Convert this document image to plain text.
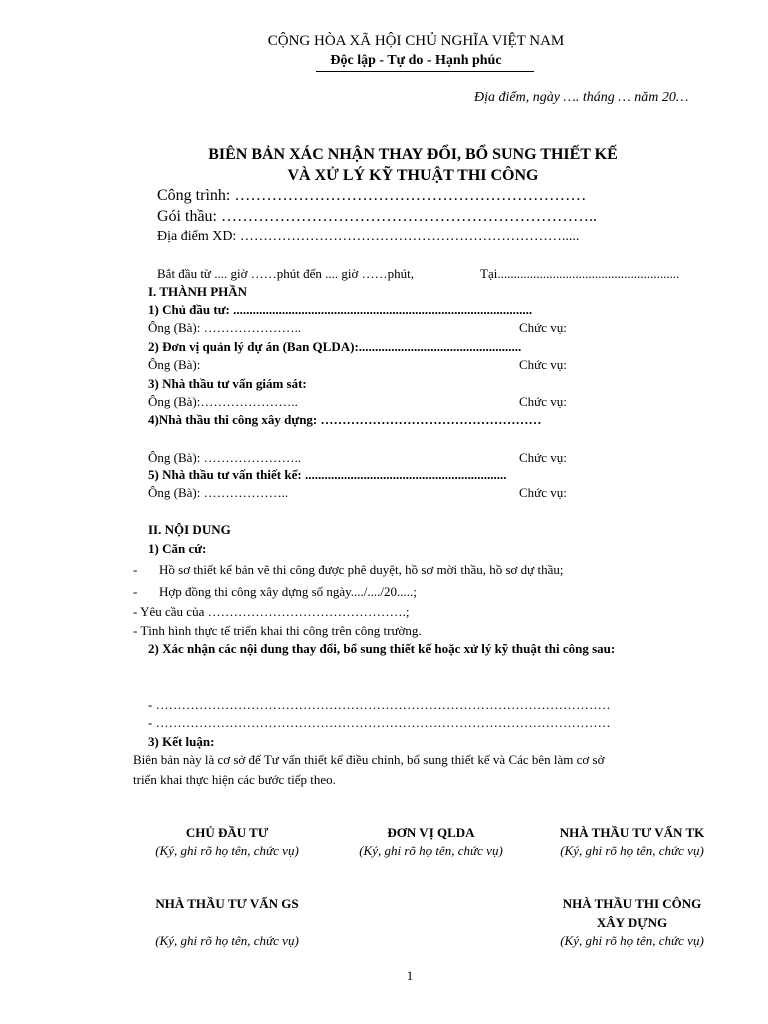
CỘNG HÒA XÃ HỘI CHỦ NGHĨA VIỆT NAM
Độc lập - Tự do - Hạnh phúc
Địa điểm, ngày …. tháng … năm 20…
BIÊN BẢN XÁC NHẬN THAY ĐỔI, BỔ SUNG THIẾT KẾ
VÀ XỬ LÝ KỸ THUẬT THI CÔNG
Công trình: …………………………………………………………
Gói thầu: ……………………………………………………………..
Địa điểm XD: …………………………………………………………….....
Bắt đầu từ .... giờ ……phút đến .... giờ ……phút,	Tại........................................................
I. THÀNH PHẦN
1) Chủ đầu tư: ............................................................................................
Ông (Bà): …………………..	Chức vụ:
2) Đơn vị quản lý dự án (Ban QLDA):..................................................
Ông (Bà):	Chức vụ:
3) Nhà thầu tư vấn giám sát:
Ông (Bà):…………………..	Chức vụ:
4)Nhà thầu thi công xây dựng: ……………………………………………
Ông (Bà): …………………..	Chức vụ:
5) Nhà thầu tư vấn thiết kế: ..............................................................
Ông (Bà): ………………..	Chức vụ:
II. NỘI DUNG
1) Căn cứ:
- Hồ sơ thiết kế bản vẽ thi công được phê duyệt, hồ sơ mời thầu, hồ sơ dự thầu;
- Hợp đồng thi công xây dựng số ngày..../..../20.....;
- Yêu cầu của ……………………………………….;
- Tình hình thực tế triển khai thi công trên công trường.
2) Xác nhận các nội dung thay đổi, bổ sung thiết kế hoặc xử lý kỹ thuật thi công sau:
- ……………………………………………………………………………………………
- ……………………………………………………………………………………………
3) Kết luận:
Biên bản này là cơ sở để Tư vấn thiết kế điều chỉnh, bổ sung thiết kế và Các bên làm cơ sở
triển khai thực hiện các bước tiếp theo.
CHỦ ĐẦU TƯ
(Ký, ghi rõ họ tên, chức vụ)
ĐƠN VỊ QLDA
(Ký, ghi rõ họ tên, chức vụ)
NHÀ THẦU TƯ VẤN TK
(Ký, ghi rõ họ tên, chức vụ)
NHÀ THẦU TƯ VẤN GS
(Ký, ghi rõ họ tên, chức vụ)
NHÀ THẦU THI CÔNG
XÂY DỰNG
(Ký, ghi rõ họ tên, chức vụ)
1
